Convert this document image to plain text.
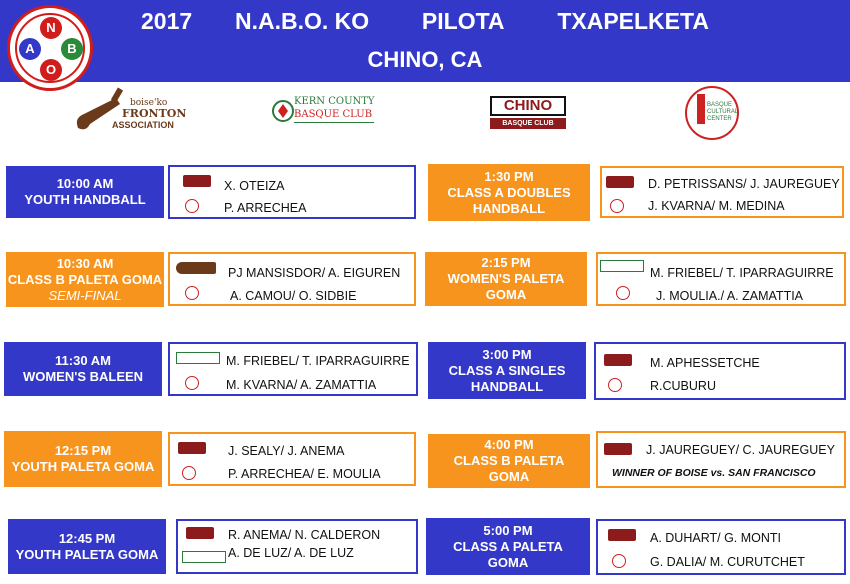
2017 N.A.B.O. KO PILOTA TXAPELKETA
CHINO, CA
N
A	B
O
boise'ko
FRONTON
ASSOCIATION
KERN COUNTY
BASQUE CLUB
CHINO
BASQUE CLUB
BASQUE
CULTURAL
CENTER
10:00 AM
YOUTH HANDBALL
X. OTEIZA
P. ARRECHEA
10:30 AM
CLASS B PALETA GOMA
SEMI-FINAL
PJ MANSISDOR/ A. EIGUREN
A. CAMOU/ O. SIDBIE
11:30 AM
WOMEN'S BALEEN
M. FRIEBEL/ T. IPARRAGUIRRE
M. KVARNA/ A. ZAMATTIA
12:15 PM
YOUTH PALETA GOMA
J. SEALY/ J. ANEMA
P. ARRECHEA/ E. MOULIA
12:45 PM
YOUTH PALETA GOMA
R. ANEMA/ N. CALDERON
A. DE LUZ/ A. DE LUZ
1:30 PM
CLASS A DOUBLES
HANDBALL
D. PETRISSANS/ J. JAUREGUEY
J. KVARNA/ M. MEDINA
2:15 PM
WOMEN'S PALETA
GOMA
M. FRIEBEL/ T. IPARRAGUIRRE
J. MOULIA./ A. ZAMATTIA
3:00 PM
CLASS A SINGLES
HANDBALL
M. APHESSETCHE
R.CUBURU
4:00 PM
CLASS B PALETA
GOMA
J. JAUREGUEY/ C. JAUREGUEY
WINNER OF BOISE vs. SAN FRANCISCO
5:00 PM
CLASS A PALETA
GOMA
A. DUHART/ G. MONTI
G. DALIA/ M. CURUTCHET
